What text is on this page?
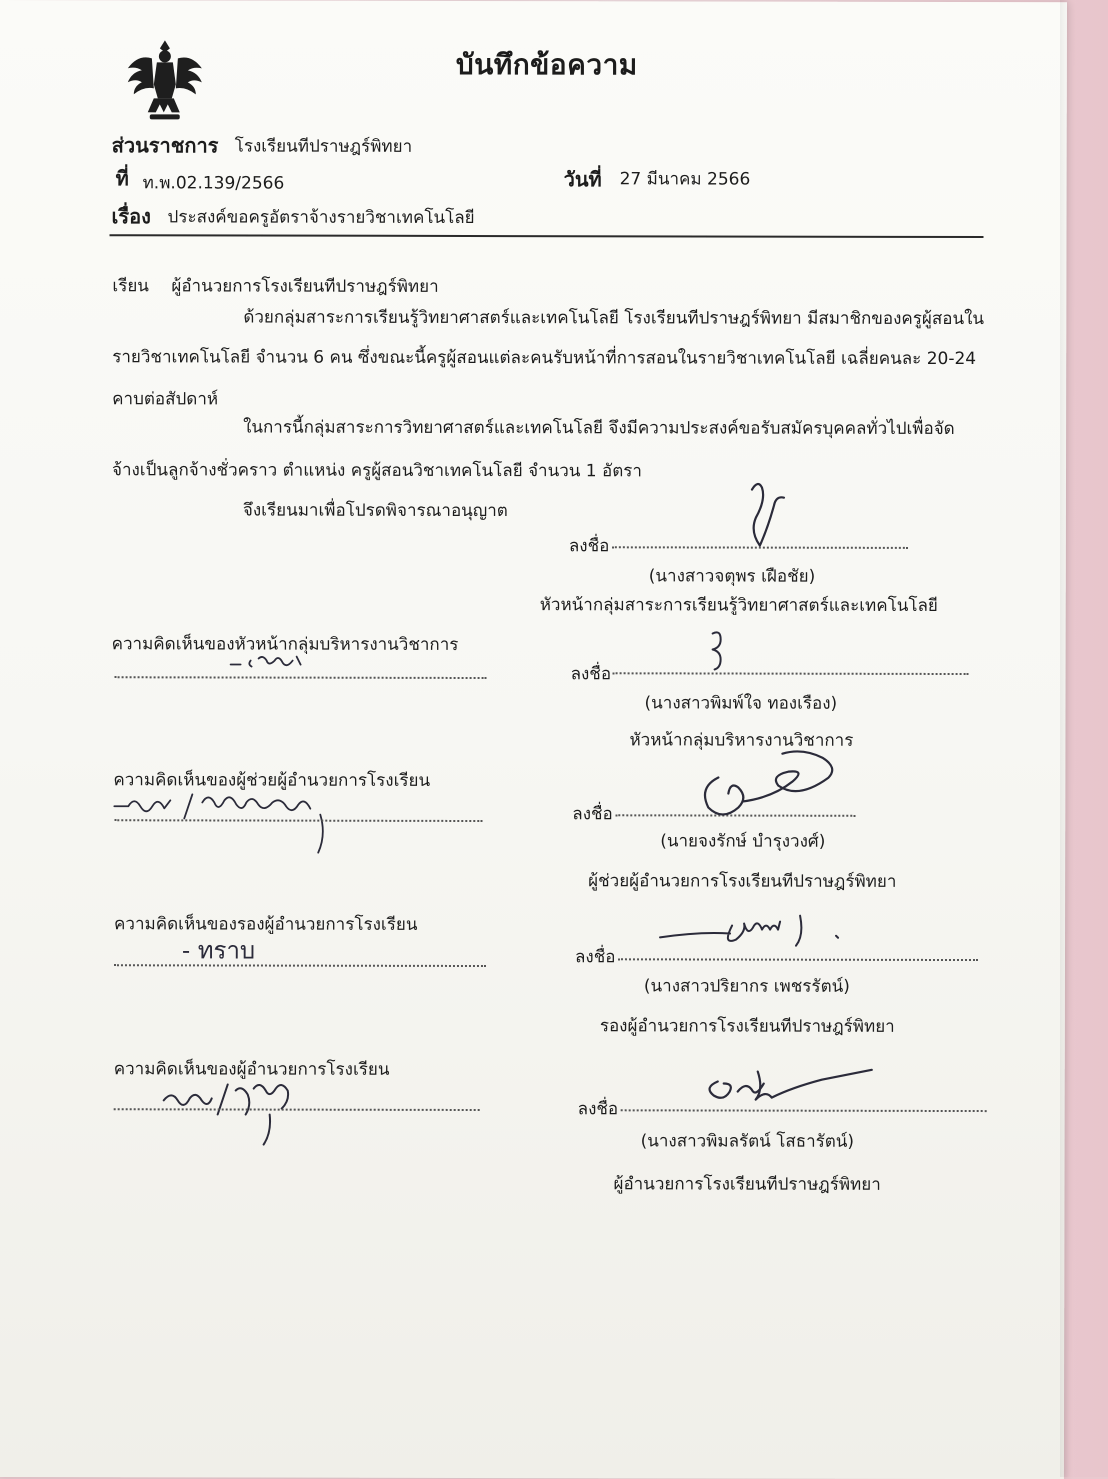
บันทึกข้อความ
ส่วนราชการ โรงเรียนทีปราษฎร์พิทยา
ที่ ท.พ.02.139/2566	วันที่ 27 มีนาคม 2566
เรื่อง ประสงค์ขอครูอัตราจ้างรายวิชาเทคโนโลยี
เรียน ผู้อำนวยการโรงเรียนทีปราษฎร์พิทยา
ด้วยกลุ่มสาระการเรียนรู้วิทยาศาสตร์และเทคโนโลยี โรงเรียนทีปราษฎร์พิทยา มีสมาชิกของครูผู้สอนใน
รายวิชาเทคโนโลยี จำนวน 6 คน ซึ่งขณะนี้ครูผู้สอนแต่ละคนรับหน้าที่การสอนในรายวิชาเทคโนโลยี เฉลี่ยคนละ 20-24
คาบต่อสัปดาห์
ในการนี้กลุ่มสาระการวิทยาศาสตร์และเทคโนโลยี จึงมีความประสงค์ขอรับสมัครบุคคลทั่วไปเพื่อจัด
จ้างเป็นลูกจ้างชั่วคราว ตำแหน่ง ครูผู้สอนวิชาเทคโนโลยี จำนวน 1 อัตรา
จึงเรียนมาเพื่อโปรดพิจารณาอนุญาต
ลงชื่อ
(นางสาวจตุพร เฝือชัย)
หัวหน้ากลุ่มสาระการเรียนรู้วิทยาศาสตร์และเทคโนโลยี
ความคิดเห็นของหัวหน้ากลุ่มบริหารงานวิชาการ
ลงชื่อ
(นางสาวพิมพ์ใจ ทองเรือง)
หัวหน้ากลุ่มบริหารงานวิชาการ
ความคิดเห็นของผู้ช่วยผู้อำนวยการโรงเรียน
ลงชื่อ
(นายจงรักษ์ บำรุงวงศ์)
ผู้ช่วยผู้อำนวยการโรงเรียนทีปราษฎร์พิทยา
ความคิดเห็นของรองผู้อำนวยการโรงเรียน
- ทราบ	ลงชื่อ
(นางสาวปริยากร เพชรรัตน์)
รองผู้อำนวยการโรงเรียนทีปราษฎร์พิทยา
ความคิดเห็นของผู้อำนวยการโรงเรียน
ลงชื่อ
(นางสาวพิมลรัตน์ โสธารัตน์)
ผู้อำนวยการโรงเรียนทีปราษฎร์พิทยา
